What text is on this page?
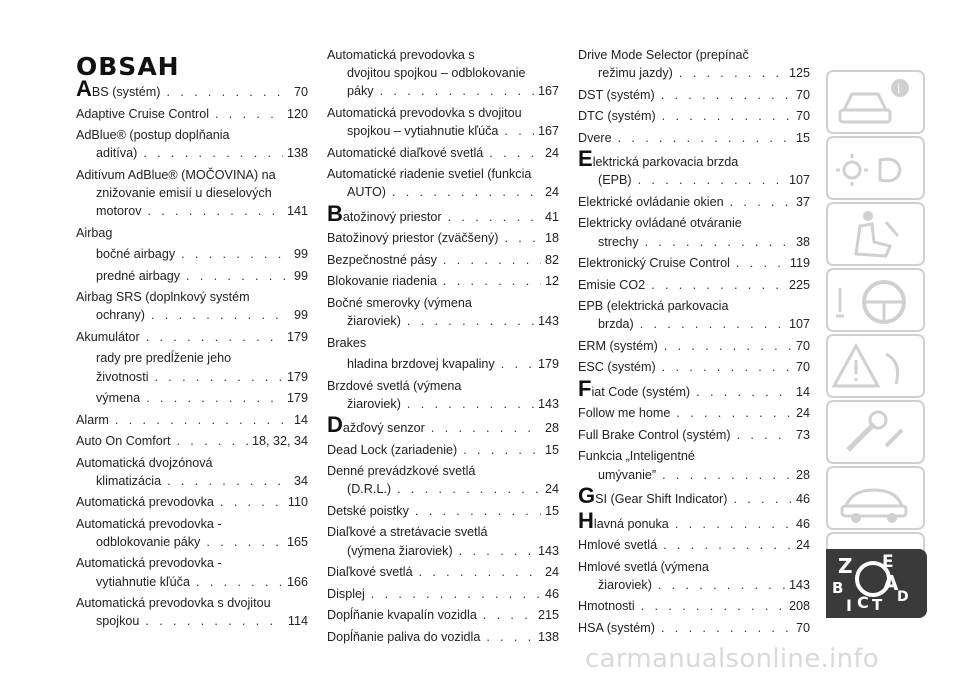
OBSAH
A BS (systém) . . .	70
Adaptive Cruise Control . . .	120
AdBlue® (postup doplňania
aditíva) . . .	138
Aditívum AdBlue® (MOČOVINA) na
znižovanie emisií u dieselových
motorov . . .	141
Airbag
bočné airbagy . . .	99
predné airbagy . . .	99
Airbag SRS (doplnkový systém
ochrany) . . .	99
Akumulátor . . .	179
rady pre predĺženie jeho
životnosti . . .	179
výmena . . .	179
Alarm . . .	14
Auto On Comfort . . .	18, 32, 34
Automatická dvojzónová
klimatizácia . . .	34
Automatická prevodovka . . .	110
Automatická prevodovka -
odblokovanie páky . . .	165
Automatická prevodovka -
vytiahnutie kľúča . . .	166
Automatická prevodovka s dvojitou
spojkou . . .	114
Automatická prevodovka s
dvojitou spojkou – odblokovanie
páky . . .	167
Automatická prevodovka s dvojitou
spojkou – vytiahnutie kľúča . . .	167
Automatické diaľkové svetlá . . .	24
Automatické riadenie svetiel (funkcia
AUTO) . . .	24
B atožinový priestor . . .	41
Batožinový priestor (zväčšený) . . .	18
Bezpečnostné pásy . . .	82
Blokovanie riadenia . . .	12
Bočné smerovky (výmena
žiaroviek) . . .	143
Brakes
hladina brzdovej kvapaliny . . .	179
Brzdové svetlá (výmena
žiaroviek) . . .	143
D ažďový senzor . . .	28
Dead Lock (zariadenie) . . .	15
Denné prevádzkové svetlá
(D.R.L.) . . .	24
Detské poistky . . .	15
Diaľkové a stretávacie svetlá
(výmena žiaroviek) . . .	143
Diaľkové svetlá . . .	24
Displej . . .	46
Dopĺňanie kvapalín vozidla . . .	215
Dopĺňanie paliva do vozidla . . .	138
Drive Mode Selector (prepínač
režimu jazdy) . . .	125
DST (systém) . . .	70
DTC (systém) . . .	70
Dvere . . .	15
E lektrická parkovacia brzda
(EPB) . . .	107
Elektrické ovládanie okien . . .	37
Elektricky ovládané otváranie
strechy . . .	38
Elektronický Cruise Control . . .	119
Emisie CO2 . . .	225
EPB (elektrická parkovacia
brzda) . . .	107
ERM (systém) . . .	70
ESC (systém) . . .	70
F iat Code (systém) . . .	14
Follow me home . . .	24
Full Brake Control (systém) . . .	73
Funkcia „Inteligentné
umývanie” . . .	28
G SI (Gear Shift Indicator) . . .	46
H lavná ponuka . . .	46
Hmlové svetlá . . .	24
Hmlové svetlá (výmena
žiaroviek) . . .	143
Hmotnosti . . .	208
HSA (systém) . . .	70
i
Z E
B A
C T D
I
carmanualsonline.info
